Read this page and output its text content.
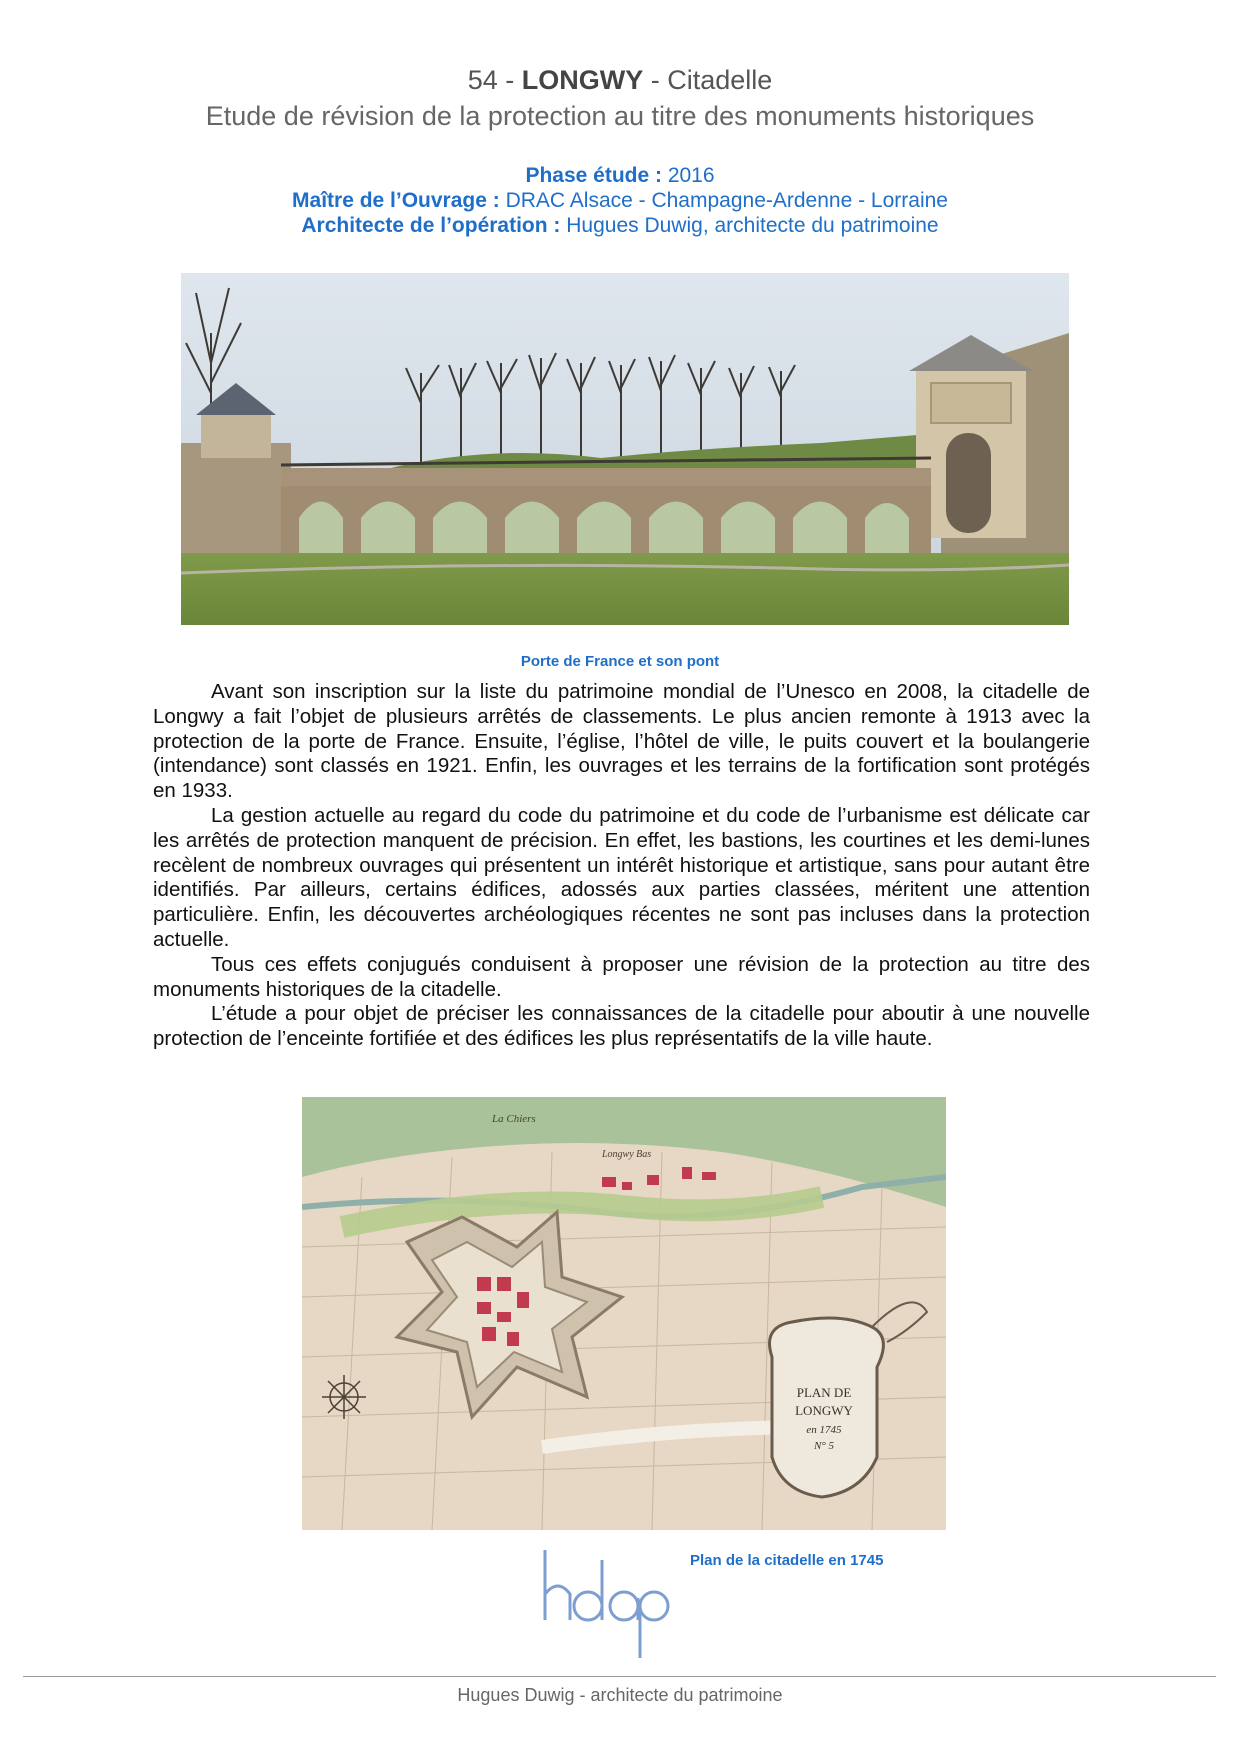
54 - LONGWY - Citadelle
Etude de révision de la protection au titre des monuments historiques
Phase étude : 2016
Maître de l’Ouvrage : DRAC Alsace - Champagne-Ardenne - Lorraine
Architecte de l’opération : Hugues Duwig, architecte du patrimoine
Porte de France et son pont

Avant son inscription sur la liste du patrimoine mondial de l’Unesco en 2008, la citadelle de Longwy a fait l’objet de plusieurs arrêtés de classements. Le plus ancien remonte à 1913 avec la protection de la porte de France. Ensuite, l’église, l’hôtel de ville, le puits couvert et la boulangerie (intendance) sont classés en 1921. Enfin, les ouvrages et les terrains de la fortification sont protégés en 1933.

La gestion actuelle au regard du code du patrimoine et du code de l’urbanisme est délicate car les arrêtés de protection manquent de précision. En effet, les bastions, les courtines et les demi-lunes recèlent de nombreux ouvrages qui présentent un intérêt historique et artistique, sans pour autant être identifiés. Par ailleurs, certains édifices, adossés aux parties classées, méritent une attention particulière. Enfin, les découvertes archéologiques récentes ne sont pas incluses dans la protection actuelle.

Tous ces effets conjugués conduisent à proposer une révision de la protection au titre des monuments historiques de la citadelle.

L’étude a pour objet de préciser les connaissances de la citadelle pour aboutir à une nouvelle protection de l’enceinte fortifiée et des édifices les plus représentatifs de la ville haute.

PLAN DE
LONGWY
en 1745
N° 5
La Chiers
Longwy Bas
Plan de la citadelle en 1745
Hugues Duwig - architecte du patrimoine
